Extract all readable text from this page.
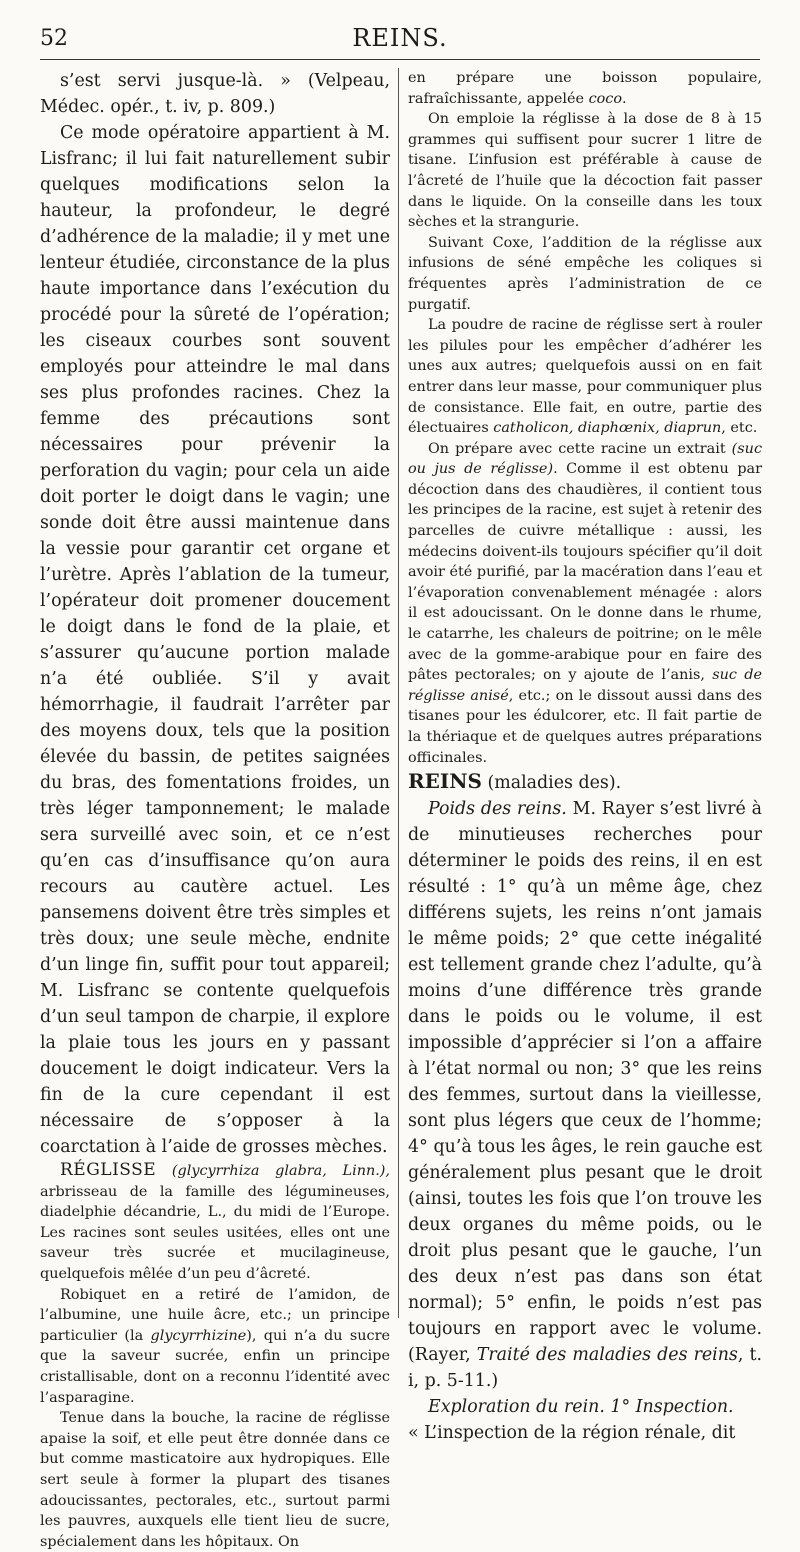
52	REINS.

s’est servi jusque-là. » (Velpeau, Médec. opér., t. iv, p. 809.)

Ce mode opératoire appartient à M. Lisfranc; il lui fait naturellement subir quelques modifications selon la hauteur, la profondeur, le degré d’adhérence de la maladie; il y met une lenteur étudiée, circonstance de la plus haute importance dans l’exécution du procédé pour la sûreté de l’opération; les ciseaux courbes sont souvent employés pour atteindre le mal dans ses plus profondes racines. Chez la femme des précautions sont nécessaires pour prévenir la perforation du vagin; pour cela un aide doit porter le doigt dans le vagin; une sonde doit être aussi maintenue dans la vessie pour garantir cet organe et l’urètre. Après l’ablation de la tumeur, l’opérateur doit promener doucement le doigt dans le fond de la plaie, et s’assurer qu’aucune portion malade n’a été oubliée. S’il y avait hémorrhagie, il faudrait l’arrêter par des moyens doux, tels que la position élevée du bassin, de petites saignées du bras, des fomentations froides, un très léger tamponnement; le malade sera surveillé avec soin, et ce n’est qu’en cas d’insuffisance qu’on aura recours au cautère actuel. Les pansemens doivent être très simples et très doux; une seule mèche, endnite d’un linge fin, suffit pour tout appareil; M. Lisfranc se contente quelquefois d’un seul tampon de charpie, il explore la plaie tous les jours en y passant doucement le doigt indicateur. Vers la fin de la cure cependant il est nécessaire de s’opposer à la coarctation à l’aide de grosses mèches.

RÉGLISSE (glycyrrhiza glabra, Linn.), arbrisseau de la famille des légumineuses, diadelphie décandrie, L., du midi de l’Europe. Les racines sont seules usitées, elles ont une saveur très sucrée et mucilagineuse, quelquefois mêlée d’un peu d’âcreté.

Robiquet en a retiré de l’amidon, de l’albumine, une huile âcre, etc.; un principe particulier (la glycyrrhizine), qui n’a du sucre que la saveur sucrée, enfin un principe cristallisable, dont on a reconnu l’identité avec l’asparagine.

Tenue dans la bouche, la racine de réglisse apaise la soif, et elle peut être donnée dans ce but comme masticatoire aux hydropiques. Elle sert seule à former la plupart des tisanes adoucissantes, pectorales, etc., surtout parmi les pauvres, auxquels elle tient lieu de sucre, spécialement dans les hôpitaux. On

en prépare une boisson populaire, rafraîchissante, appelée coco.

On emploie la réglisse à la dose de 8 à 15 grammes qui suffisent pour sucrer 1 litre de tisane. L’infusion est préférable à cause de l’âcreté de l’huile que la décoction fait passer dans le liquide. On la conseille dans les toux sèches et la strangurie.

Suivant Coxe, l’addition de la réglisse aux infusions de séné empêche les coliques si fréquentes après l’administration de ce purgatif.

La poudre de racine de réglisse sert à rouler les pilules pour les empêcher d’adhérer les unes aux autres; quelquefois aussi on en fait entrer dans leur masse, pour communiquer plus de consistance. Elle fait, en outre, partie des électuaires catholicon, diaphœnix, diaprun, etc.

On prépare avec cette racine un extrait (suc ou jus de réglisse). Comme il est obtenu par décoction dans des chaudières, il contient tous les principes de la racine, est sujet à retenir des parcelles de cuivre métallique : aussi, les médecins doivent-ils toujours spécifier qu’il doit avoir été purifié, par la macération dans l’eau et l’évaporation convenablement ménagée : alors il est adoucissant. On le donne dans le rhume, le catarrhe, les chaleurs de poitrine; on le mêle avec de la gomme-arabique pour en faire des pâtes pectorales; on y ajoute de l’anis, suc de réglisse anisé, etc.; on le dissout aussi dans des tisanes pour les édulcorer, etc. Il fait partie de la thériaque et de quelques autres préparations officinales.

REINS (maladies des).

Poids des reins. M. Rayer s’est livré à de minutieuses recherches pour déterminer le poids des reins, il en est résulté : 1° qu’à un même âge, chez différens sujets, les reins n’ont jamais le même poids; 2° que cette inégalité est tellement grande chez l’adulte, qu’à moins d’une différence très grande dans le poids ou le volume, il est impossible d’apprécier si l’on a affaire à l’état normal ou non; 3° que les reins des femmes, surtout dans la vieillesse, sont plus légers que ceux de l’homme; 4° qu’à tous les âges, le rein gauche est généralement plus pesant que le droit (ainsi, toutes les fois que l’on trouve les deux organes du même poids, ou le droit plus pesant que le gauche, l’un des deux n’est pas dans son état normal); 5° enfin, le poids n’est pas toujours en rapport avec le volume. (Rayer, Traité des maladies des reins, t. i, p. 5-11.)

Exploration du rein. 1° Inspection.

« L’inspection de la région rénale, dit
